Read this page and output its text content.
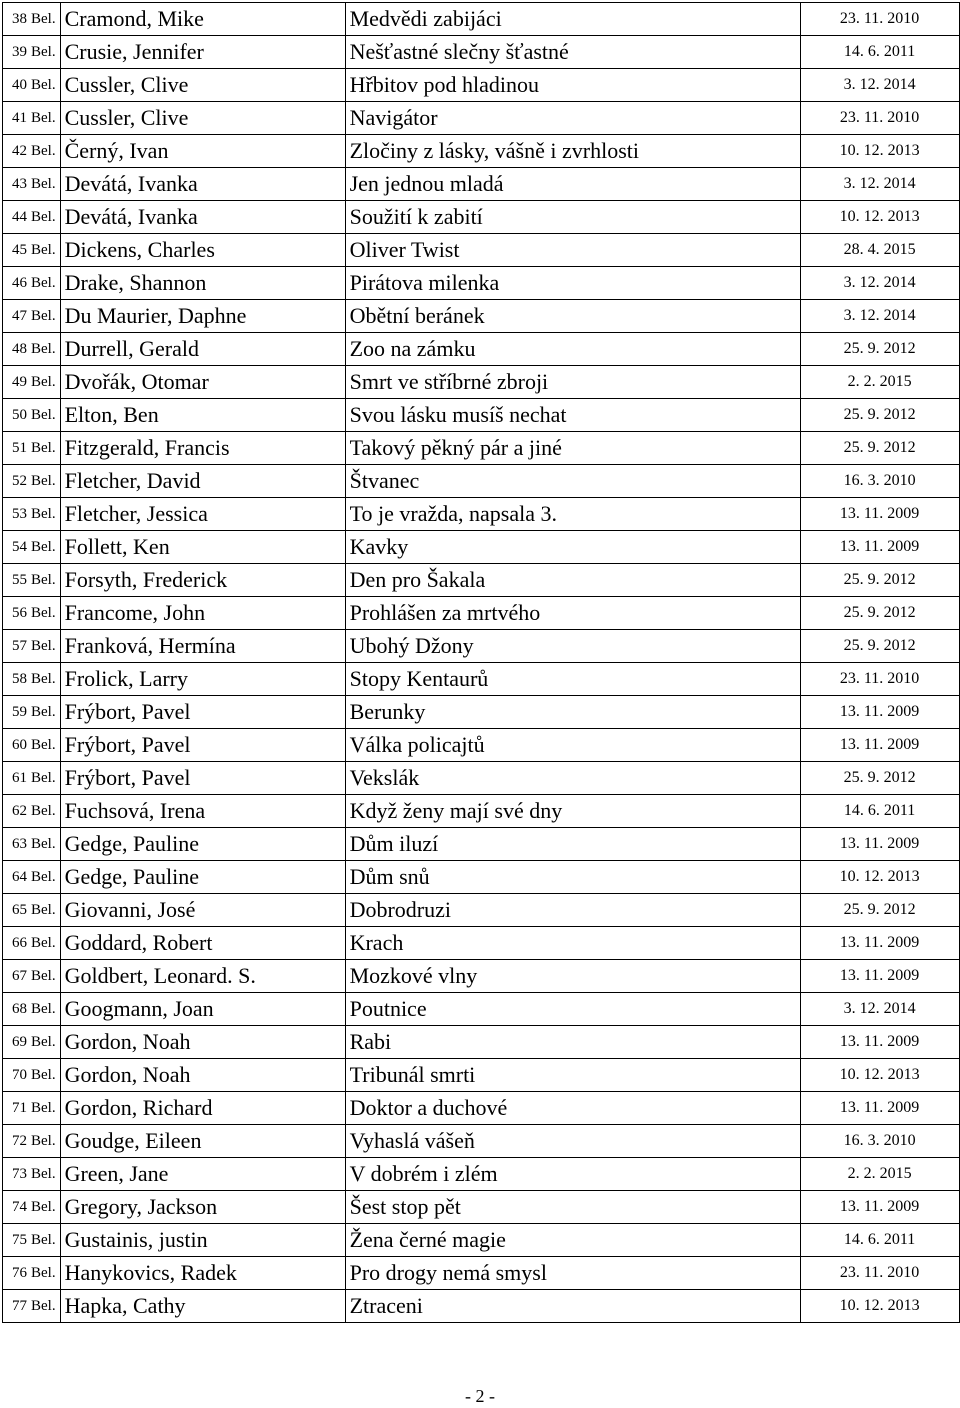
38 Bel.	Cramond, Mike	Medvědi zabijáci	23. 11. 2010
39 Bel.	Crusie, Jennifer	Nešťastné slečny šťastné	14. 6. 2011
40 Bel.	Cussler, Clive	Hřbitov pod hladinou	3. 12. 2014
41 Bel.	Cussler, Clive	Navigátor	23. 11. 2010
42 Bel.	Černý, Ivan	Zločiny z lásky, vášně i zvrhlosti	10. 12. 2013
43 Bel.	Devátá, Ivanka	Jen jednou mladá	3. 12. 2014
44 Bel.	Devátá, Ivanka	Soužití k zabití	10. 12. 2013
45 Bel.	Dickens, Charles	Oliver Twist	28. 4. 2015
46 Bel.	Drake, Shannon	Pirátova milenka	3. 12. 2014
47 Bel.	Du Maurier, Daphne	Obětní beránek	3. 12. 2014
48 Bel.	Durrell, Gerald	Zoo na zámku	25. 9. 2012
49 Bel.	Dvořák, Otomar	Smrt ve stříbrné zbroji	2. 2. 2015
50 Bel.	Elton, Ben	Svou lásku musíš nechat	25. 9. 2012
51 Bel.	Fitzgerald, Francis	Takový pěkný pár a jiné	25. 9. 2012
52 Bel.	Fletcher, David	Štvanec	16. 3. 2010
53 Bel.	Fletcher, Jessica	To je vražda, napsala 3.	13. 11. 2009
54 Bel.	Follett, Ken	Kavky	13. 11. 2009
55 Bel.	Forsyth, Frederick	Den pro Šakala	25. 9. 2012
56 Bel.	Francome, John	Prohlášen za mrtvého	25. 9. 2012
57 Bel.	Franková, Hermína	Ubohý Džony	25. 9. 2012
58 Bel.	Frolick, Larry	Stopy Kentaurů	23. 11. 2010
59 Bel.	Frýbort, Pavel	Berunky	13. 11. 2009
60 Bel.	Frýbort, Pavel	Válka policajtů	13. 11. 2009
61 Bel.	Frýbort, Pavel	Vekslák	25. 9. 2012
62 Bel.	Fuchsová, Irena	Když ženy mají své dny	14. 6. 2011
63 Bel.	Gedge, Pauline	Dům iluzí	13. 11. 2009
64 Bel.	Gedge, Pauline	Dům snů	10. 12. 2013
65 Bel.	Giovanni, José	Dobrodruzi	25. 9. 2012
66 Bel.	Goddard, Robert	Krach	13. 11. 2009
67 Bel.	Goldbert, Leonard. S.	Mozkové vlny	13. 11. 2009
68 Bel.	Googmann, Joan	Poutnice	3. 12. 2014
69 Bel.	Gordon, Noah	Rabi	13. 11. 2009
70 Bel.	Gordon, Noah	Tribunál smrti	10. 12. 2013
71 Bel.	Gordon, Richard	Doktor a duchové	13. 11. 2009
72 Bel.	Goudge, Eileen	Vyhaslá vášeň	16. 3. 2010
73 Bel.	Green, Jane	V dobrém i zlém	2. 2. 2015
74 Bel.	Gregory, Jackson	Šest stop pět	13. 11. 2009
75 Bel.	Gustainis, justin	Žena černé magie	14. 6. 2011
76 Bel.	Hanykovics, Radek	Pro drogy nemá smysl	23. 11. 2010
77 Bel.	Hapka, Cathy	Ztraceni	10. 12. 2013
- 2 -
